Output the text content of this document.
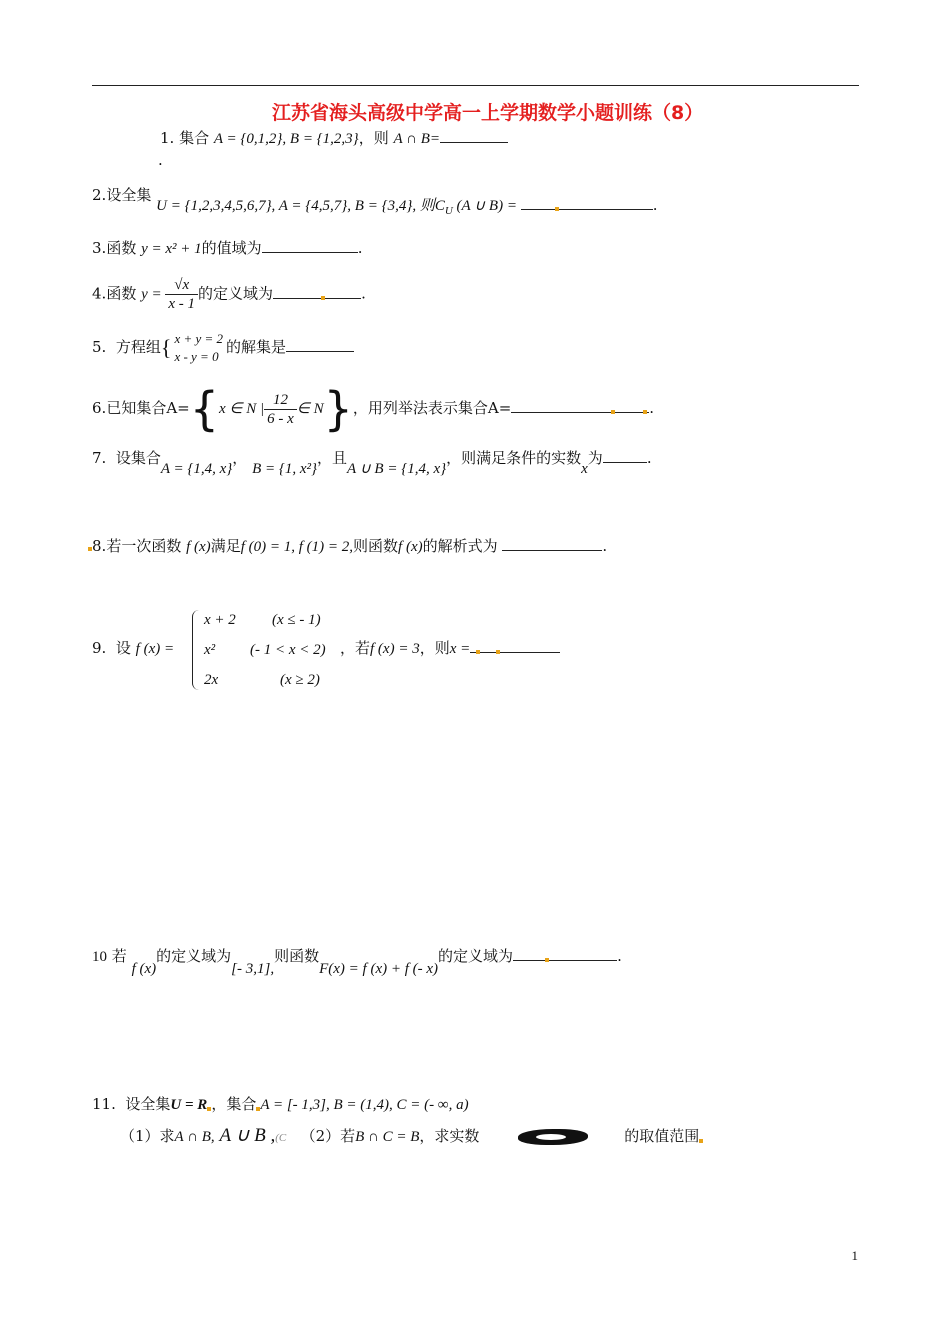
江苏省海头高级中学高一上学期数学小题训练（8）
1. 集合 A = {0,1,2}, B = {1,2,3}，则 A ∩ B=
.
2.设全集 U = {1,2,3,4,5,6,7}, A = {4,5,7}, B = {3,4}, 则$C_U$ (A ∪ B) =	.
3.函数 y = x² + 1的值域为	.
4.函数 $y = \frac{√x}{x - 1}$ 的定义域为	.
5. 方程组{ x + y = 2
x - y = 0
的解集是
6.已知集合A={x ∈ N | $\frac{12}{6 - x}$ ∈ N}，用列举法表示集合A=	.
7. 设集合A = {1,4, x}， B = {1, x²}，且A ∪ B = {1,4, x}，则满足条件的实数x为	.
8.若一次函数 f (x)满足f (0) = 1, f (1) = 2,则函数f (x)的解析式为	.
9. 设 f (x) =
x + 2 (x ≤ - 1)
x² (- 1 < x < 2)
2x	(x ≥ 2)
，若f (x) = 3，则x =
10 若 f (x)的定义域为[- 3,1],则函数F(x) = f (x) + f (- x)的定义域为	.
11. 设全集U = R ，集合 A = [- 1,3], B = (1,4), C = (- ∞, a)
（1）求A ∩ B, A ∪ B ,(C （2）若B ∩ C = B，求实数	的取值范围
1
